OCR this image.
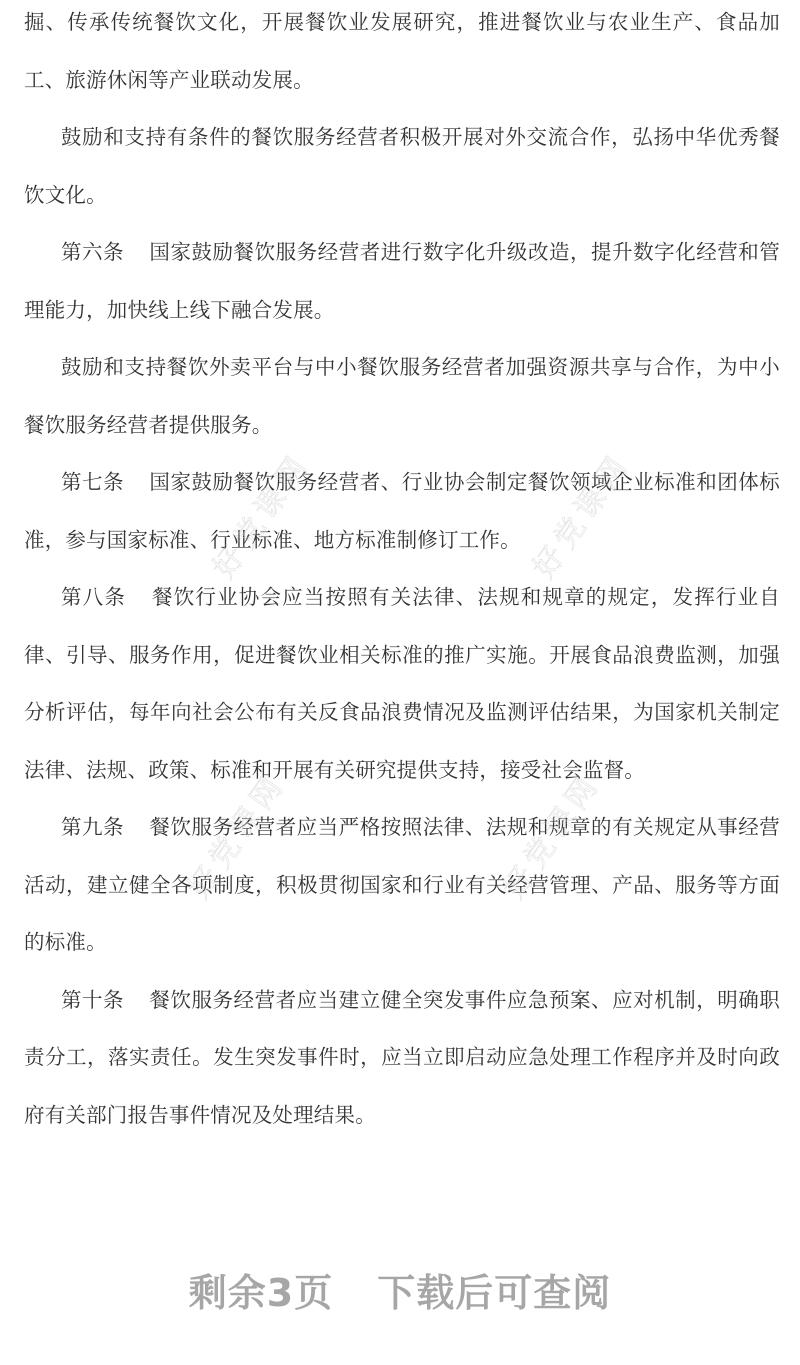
掘、传承传统餐饮文化，开展餐饮业发展研究，推进餐饮业与农业生产、食品加工、旅游休闲等产业联动发展。

鼓励和支持有条件的餐饮服务经营者积极开展对外交流合作，弘扬中华优秀餐饮文化。

第六条 国家鼓励餐饮服务经营者进行数字化升级改造，提升数字化经营和管理能力，加快线上线下融合发展。

鼓励和支持餐饮外卖平台与中小餐饮服务经营者加强资源共享与合作，为中小餐饮服务经营者提供服务。

第七条 国家鼓励餐饮服务经营者、行业协会制定餐饮领域企业标准和团体标准，参与国家标准、行业标准、地方标准制修订工作。

第八条 餐饮行业协会应当按照有关法律、法规和规章的规定，发挥行业自律、引导、服务作用，促进餐饮业相关标准的推广实施。开展食品浪费监测，加强分析评估，每年向社会公布有关反食品浪费情况及监测评估结果，为国家机关制定法律、法规、政策、标准和开展有关研究提供支持，接受社会监督。

第九条 餐饮服务经营者应当严格按照法律、法规和规章的有关规定从事经营活动，建立健全各项制度，积极贯彻国家和行业有关经营管理、产品、服务等方面的标准。

第十条 餐饮服务经营者应当建立健全突发事件应急预案、应对机制，明确职责分工，落实责任。发生突发事件时，应当立即启动应急处理工作程序并及时向政府有关部门报告事件情况及处理结果。

好党课网	好党课网
好党课网	好党课网
剩余3页 下载后可查阅
